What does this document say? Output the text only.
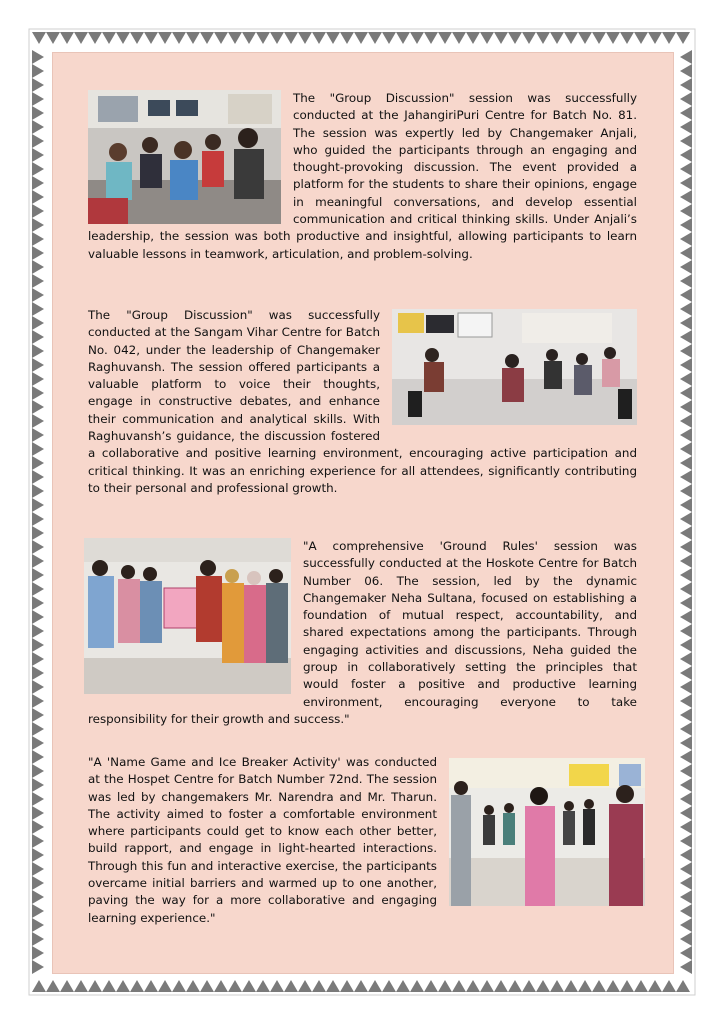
The "Group Discussion" session was successfully conducted at the JahangiriPuri Centre for Batch No. 81. The session was expertly led by Changemaker Anjali, who guided the participants through an engaging and thought-provoking discussion. The event provided a platform for the students to share their opinions, engage in meaningful conversations, and develop essential communication and critical thinking skills. Under Anjali’s leadership, the session was both productive and insightful, allowing participants to learn valuable lessons in teamwork, articulation, and problem-solving.
The "Group Discussion" was successfully conducted at the Sangam Vihar Centre for Batch No. 042, under the leadership of Changemaker Raghuvansh. The session offered participants a valuable platform to voice their thoughts, engage in constructive debates, and enhance their communication and analytical skills. With Raghuvansh’s guidance, the discussion fostered a collaborative and positive learning environment, encouraging active participation and critical thinking. It was an enriching experience for all attendees, significantly contributing to their personal and professional growth.
"A comprehensive 'Ground Rules' session was successfully conducted at the Hoskote Centre for Batch Number 06. The session, led by the dynamic Changemaker Neha Sultana, focused on establishing a foundation of mutual respect, accountability, and shared expectations among the participants. Through engaging activities and discussions, Neha guided the group in collaboratively setting the principles that would foster a positive and productive learning environment, encouraging everyone to take responsibility for their growth and success."
"A 'Name Game and Ice Breaker Activity' was conducted at the Hospet Centre for Batch Number 72nd. The session was led by changemakers Mr. Narendra and Mr. Tharun. The activity aimed to foster a comfortable environment where participants could get to know each other better, build rapport, and engage in light-hearted interactions. Through this fun and interactive exercise, the participants overcame initial barriers and warmed up to one another, paving the way for a more collaborative and engaging learning experience."
